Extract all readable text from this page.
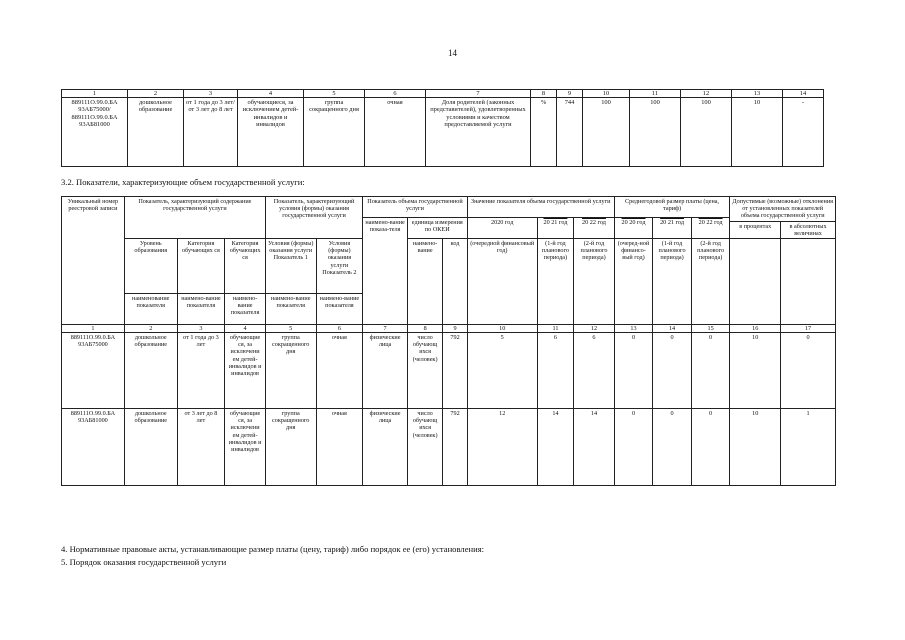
14
1	2	3	4	5	6	7	8	9	10	11	12	13	14
889111О.99.0.БА 93АБ75000/ 889111О.99.0.БА 93АБ81000	дошкольное образование	от 1 года до 3 лет/ от 3 лет до 8 лет	обучающиеся, за исключением детей-инвалидов и инвалидов	группа сокращенного дня	очная	Доля родителей (законных представителей), удовлетворенных условиями и качеством предоставляемой услуги	%	744	100	100	100	10	-
3.2. Показатели, характеризующие объем государственной услуги:
Уникальный номер реестровой записи	Показатель, характеризующий содержание государственной услуги			Показатель, характеризующий условия (формы) оказания государственной услуги		Показатель объема государственной услуги			Значение показателя объема государственной услуги			Среднегодовой размер платы (цена, тариф)			Допустимые (возможные) отклонения от установленных показателей объема государственной услуги	
						наимено-вание показа-теля	единица измерения по ОКЕИ		2020 год	20 21 год	20 22 год	20 20 год	20 21 год	20 22 год		
															в процентах	в абсолютных величинах
	Уровень образования	Категория обучающих ся	Категория обучающих ся	Условия (формы) оказания услуги Показатель 1	Условия (формы) оказания услуги Показатель 2		наимено-вание	код	(очередной финансовый год)	(1-й год планового периода)	(2-й год планового периода)	(очеред-ной финансо-вый год)	(1-й год планового периода)	(2-й год планового периода)		
	наименование показателя	наимено-вание показателя	наимено-вание показателя	наимено-вание показателя	наимено-вание показателя											
1	2	3	4	5	6	7	8	9	10	11	12	13	14	15	16	17
889111О.99.0.БА 93АБ75000	дошкольное образование	от 1 года до 3 лет	обучающие ся, за исключени ем детей-инвалидов и инвалидов	группа сокращенного дня	очная	физические лица	число обучающ ихся (человек)	792	5	6	6	0	0	0	10	0
889111О.99.0.БА 93АБ81000	дошкольное образование	от 3 лет до 8 лет	обучающие ся, за исключени ем детей-инвалидов и инвалидов	группа сокращенного дня	очная	физические лица	число обучающ ихся (человек)	792	12	14	14	0	0	0	10	1
4. Нормативные правовые акты, устанавливающие размер платы (цену, тариф) либо порядок ее (его) установления:
5. Порядок оказания государственной услуги
